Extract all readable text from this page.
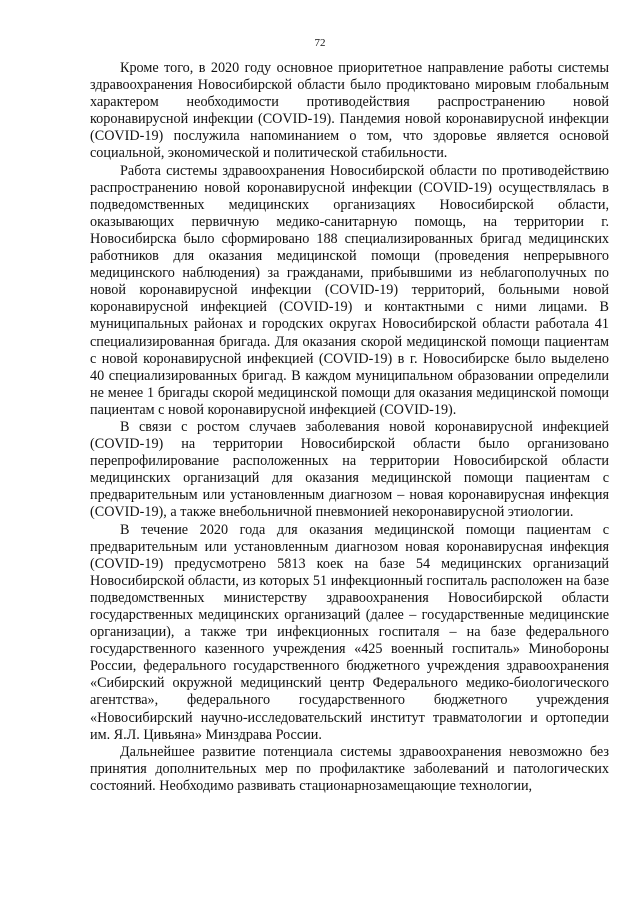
72

Кроме того, в 2020 году основное приоритетное направление работы системы здравоохранения Новосибирской области было продиктовано мировым глобальным характером необходимости противодействия распространению новой коронавирусной инфекции (COVID-19). Пандемия новой коронавирусной инфекции (COVID-19) послужила напоминанием о том, что здоровье является основой социальной, экономической и политической стабильности.

Работа системы здравоохранения Новосибирской области по противодействию распространению новой коронавирусной инфекции (COVID-19) осуществлялась в подведомственных медицинских организациях Новосибирской области, оказывающих первичную медико-санитарную помощь, на территории г. Новосибирска было сформировано 188 специализированных бригад медицинских работников для оказания медицинской помощи (проведения непрерывного медицинского наблюдения) за гражданами, прибывшими из неблагополучных по новой коронавирусной инфекции (COVID-19) территорий, больными новой коронавирусной инфекцией (COVID-19) и контактными с ними лицами. В муниципальных районах и городских округах Новосибирской области работала 41 специализированная бригада. Для оказания скорой медицинской помощи пациентам с новой коронавирусной инфекцией (COVID-19) в г. Новосибирске было выделено 40 специализированных бригад. В каждом муниципальном образовании определили не менее 1 бригады скорой медицинской помощи для оказания медицинской помощи пациентам с новой коронавирусной инфекцией (COVID-19).

В связи с ростом случаев заболевания новой коронавирусной инфекцией (COVID-19) на территории Новосибирской области было организовано перепрофилирование расположенных на территории Новосибирской области медицинских организаций для оказания медицинской помощи пациентам с предварительным или установленным диагнозом – новая коронавирусная инфекция (COVID-19), а также внебольничной пневмонией некоронавирусной этиологии.

В течение 2020 года для оказания медицинской помощи пациентам с предварительным или установленным диагнозом новая коронавирусная инфекция (COVID-19) предусмотрено 5813 коек на базе 54 медицинских организаций Новосибирской области, из которых 51 инфекционный госпиталь расположен на базе подведомственных министерству здравоохранения Новосибирской области государственных медицинских организаций (далее – государственные медицинские организации), а также три инфекционных госпиталя – на базе федерального государственного казенного учреждения «425 военный госпиталь» Минобороны России, федерального государственного бюджетного учреждения здравоохранения «Сибирский окружной медицинский центр Федерального медико-биологического агентства», федерального государственного бюджетного учреждения «Новосибирский научно-исследовательский институт травматологии и ортопедии им. Я.Л. Цивьяна» Минздрава России.

Дальнейшее развитие потенциала системы здравоохранения невозможно без принятия дополнительных мер по профилактике заболеваний и патологических состояний. Необходимо развивать стационарнозамещающие технологии,
